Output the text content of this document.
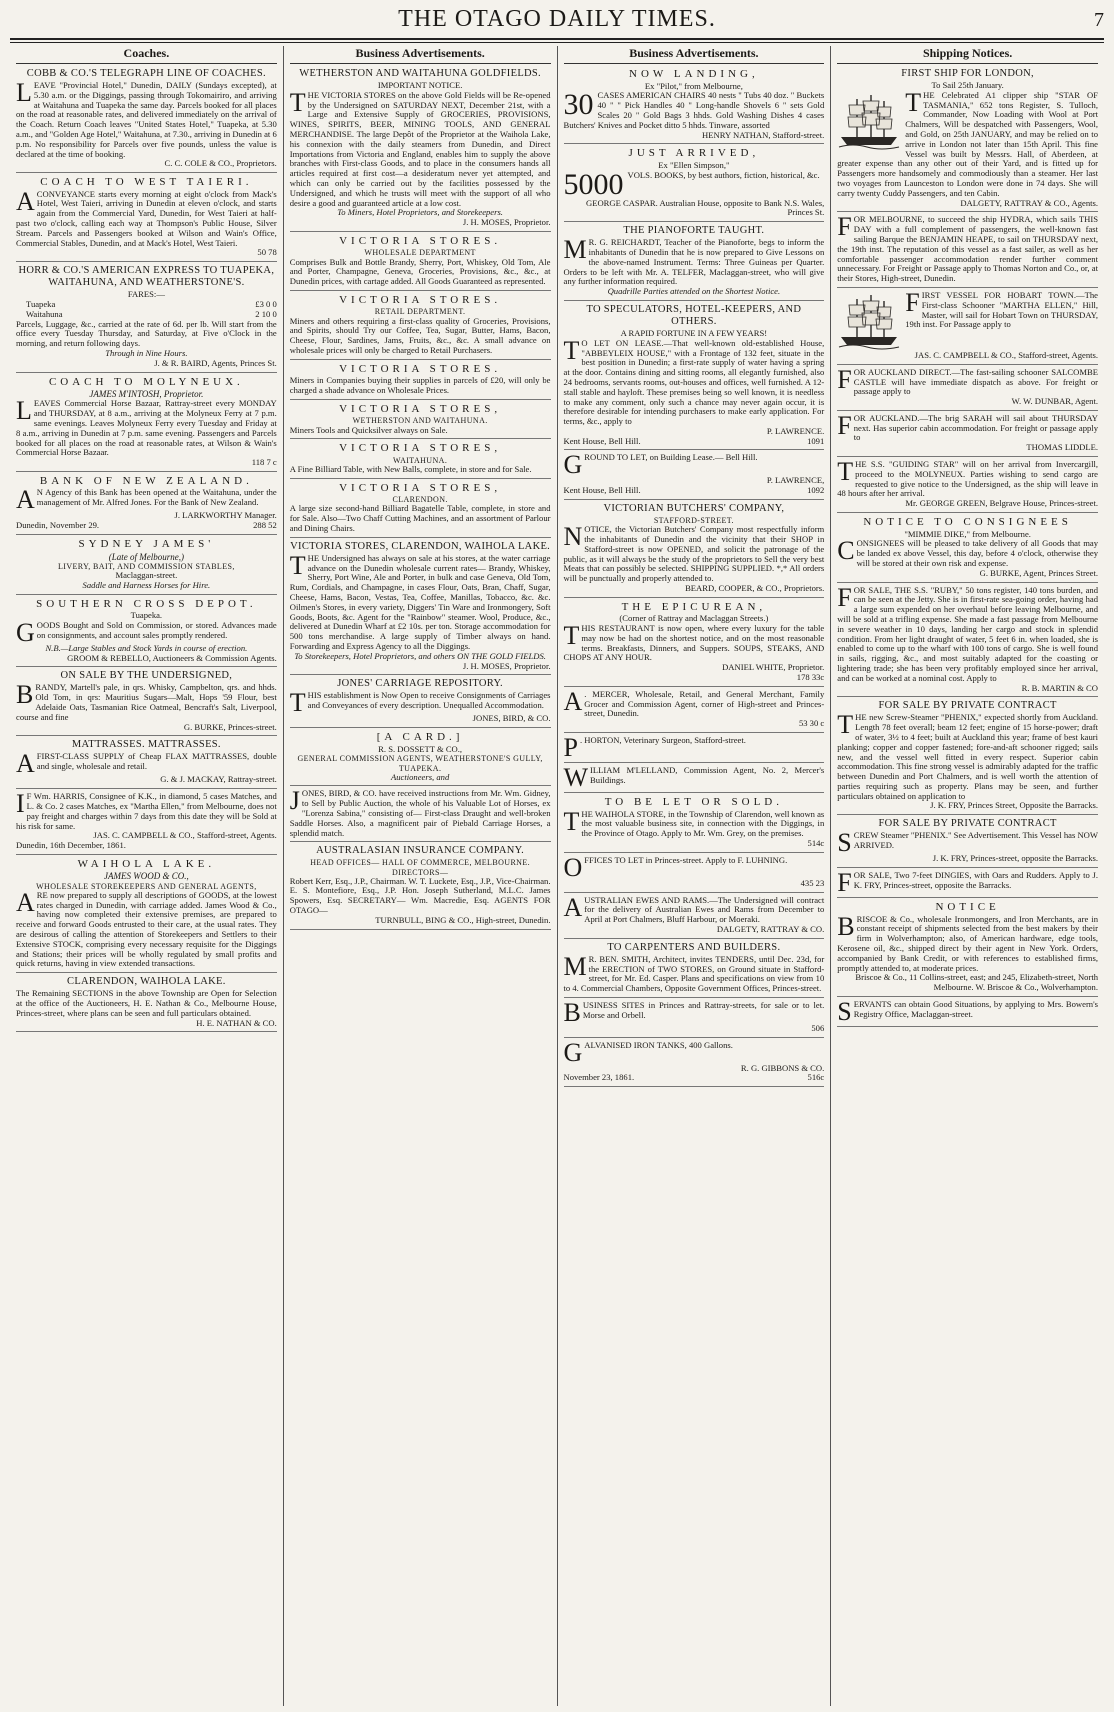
THE OTAGO DAILY TIMES.	7
Coaches.
COBB & CO.'S TELEGRAPH LINE OF COACHES.
L EAVE "Provincial Hotel," Dunedin, DAILY (Sundays excepted), at 5.30 a.m. or the Diggings, passing through Tokomairiro, and arriving at Waitahuna and Tuapeka the same day. Parcels booked for all places on the road at reasonable rates, and delivered immediately on the arrival of the Coach. Return Coach leaves "United States Hotel," Tuapeka, at 5.30 a.m., and "Golden Age Hotel," Waitahuna, at 7.30., arriving in Dunedin at 6 p.m. No responsibility for Parcels over five pounds, unless the value is declared at the time of booking.
C. C. COLE & CO., Proprietors.
COACH TO WEST TAIERI.
A CONVEYANCE starts every morning at eight o'clock from Mack's Hotel, West Taieri, arriving in Dunedin at eleven o'clock, and starts again from the Commercial Yard, Dunedin, for West Taieri at half-past two o'clock, calling each way at Thompson's Public House, Silver Stream. Parcels and Passengers booked at Wilson and Wain's Office, Commercial Stables, Dunedin, and at Mack's Hotel, West Taieri.
50 78
HORR & CO.'S AMERICAN EXPRESS TO TUAPEKA, WAITAHUNA, AND WEATHERSTONE'S.
FARES:—
Tuapeka	£3 0 0
Waitahuna	2 10 0
Parcels, Luggage, &c., carried at the rate of 6d. per lb. Will start from the office every Tuesday Thursday, and Saturday, at Five o'Clock in the morning, and return following days.
Through in Nine Hours.
J. & R. BAIRD, Agents, Princes St.
COACH TO MOLYNEUX.
JAMES M'INTOSH, Proprietor.
L EAVES Commercial Horse Bazaar, Rattray-street every MONDAY and THURSDAY, at 8 a.m., arriving at the Molyneux Ferry at 7 p.m. same evenings. Leaves Molyneux Ferry every Tuesday and Friday at 8 a.m., arriving in Dunedin at 7 p.m. same evening. Passengers and Parcels booked for all places on the road at reasonable rates, at Wilson & Wain's Commercial Horse Bazaar.
118 7 c
BANK OF NEW ZEALAND.
A N Agency of this Bank has been opened at the Waitahuna, under the management of Mr. Alfred Jones. For the Bank of New Zealand.
J. LARKWORTHY Manager.
Dunedin, November 29.	288 52
SYDNEY JAMES'
(Late of Melbourne,)
LIVERY, BAIT, AND COMMISSION STABLES,
Maclaggan-street.
Saddle and Harness Horses for Hire.
SOUTHERN CROSS DEPOT.
Tuapeka.
G OODS Bought and Sold on Commission, or stored. Advances made on consignments, and account sales promptly rendered.
N.B.—Large Stables and Stock Yards in course of erection.
GROOM & REBELLO, Auctioneers & Commission Agents.
ON SALE BY THE UNDERSIGNED,
B RANDY, Martell's pale, in qrs. Whisky, Campbelton, qrs. and hhds. Old Tom, in qrs: Mauritius Sugars—Malt, Hops '59 Flour, best Adelaide Oats, Tasmanian Rice Oatmeal, Bencraft's Salt, Liverpool, course and fine
G. BURKE, Princes-street.
MATTRASSES. MATTRASSES.
A FIRST-CLASS SUPPLY of Cheap FLAX MATTRASSES, double and single, wholesale and retail.
G. & J. MACKAY, Rattray-street.
I F Wm. HARRIS, Consignee of K.K., in diamond, 5 cases Matches, and L. & Co. 2 cases Matches, ex "Martha Ellen," from Melbourne, does not pay freight and charges within 7 days from this date they will be Sold at his risk for same.
JAS. C. CAMPBELL & CO., Stafford-street, Agents.
Dunedin, 16th December, 1861.
WAIHOLA LAKE.
JAMES WOOD & CO.,
WHOLESALE STOREKEEPERS AND GENERAL AGENTS,
A RE now prepared to supply all descriptions of GOODS, at the lowest rates charged in Dunedin, with carriage added. James Wood & Co., having now completed their extensive premises, are prepared to receive and forward Goods entrusted to their care, at the usual rates. They are desirous of calling the attention of Storekeepers and Settlers to their Extensive STOCK, comprising every necessary requisite for the Diggings and Stations; their prices will be wholly regulated by small profits and quick returns, having in view extended transactions.
CLARENDON, WAIHOLA LAKE.
The Remaining SECTIONS in the above Township are Open for Selection at the office of the Auctioneers, H. E. Nathan & Co., Melbourne House, Princes-street, where plans can be seen and full particulars obtained.
H. E. NATHAN & CO.
Business Advertisements.
WETHERSTON AND WAITAHUNA GOLDFIELDS.
IMPORTANT NOTICE.
T HE VICTORIA STORES on the above Gold Fields will be Re-opened by the Undersigned on SATURDAY NEXT, December 21st, with a Large and Extensive Supply of GROCERIES, PROVISIONS, WINES, SPIRITS, BEER, MINING TOOLS, AND GENERAL MERCHANDISE. The large Depôt of the Proprietor at the Waihola Lake, his connexion with the daily steamers from Dunedin, and Direct Importations from Victoria and England, enables him to supply the above branches with First-class Goods, and to place in the consumers hands all articles required at first cost—a desideratum never yet attempted, and which can only be carried out by the facilities possessed by the Undersigned, and which he trusts will meet with the support of all who desire a good and guaranteed article at a low cost.
To Miners, Hotel Proprietors, and Storekeepers.
J. H. MOSES, Proprietor.
VICTORIA STORES.
WHOLESALE DEPARTMENT
Comprises Bulk and Bottle Brandy, Sherry, Port, Whiskey, Old Tom, Ale and Porter, Champagne, Geneva, Groceries, Provisions, &c., &c., at Dunedin prices, with cartage added. All Goods Guaranteed as represented.
VICTORIA STORES.
RETAIL DEPARTMENT.
Miners and others requiring a first-class quality of Groceries, Provisions, and Spirits, should Try our Coffee, Tea, Sugar, Butter, Hams, Bacon, Cheese, Flour, Sardines, Jams, Fruits, &c., &c. A small advance on wholesale prices will only be charged to Retail Purchasers.
VICTORIA STORES.
Miners in Companies buying their supplies in parcels of £20, will only be charged a shade advance on Wholesale Prices.
VICTORIA STORES,
WETHERSTON AND WAITAHUNA.
Miners Tools and Quicksilver always on Sale.
VICTORIA STORES,
WAITAHUNA.
A Fine Billiard Table, with New Balls, complete, in store and for Sale.
VICTORIA STORES,
CLARENDON.
A large size second-hand Billiard Bagatelle Table, complete, in store and for Sale. Also—Two Chaff Cutting Machines, and an assortment of Parlour and Dining Chairs.
VICTORIA STORES, CLARENDON, WAIHOLA LAKE.
T HE Undersigned has always on sale at his stores, at the water carriage advance on the Dunedin wholesale current rates— Brandy, Whiskey, Sherry, Port Wine, Ale and Porter, in bulk and case Geneva, Old Tom, Rum, Cordials, and Champagne, in cases Flour, Oats, Bran, Chaff, Sugar, Cheese, Hams, Bacon, Vestas, Tea, Coffee, Manillas, Tobacco, &c. &c. Oilmen's Stores, in every variety, Diggers' Tin Ware and Ironmongery, Soft Goods, Boots, &c. Agent for the "Rainbow" steamer. Wool, Produce, &c., delivered at Dunedin Wharf at £2 10s. per ton. Storage accommodation for 500 tons merchandise. A large supply of Timber always on hand. Forwarding and Express Agency to all the Diggings.
To Storekeepers, Hotel Proprietors, and others ON THE GOLD FIELDS.
J. H. MOSES, Proprietor.
JONES' CARRIAGE REPOSITORY.
T HIS establishment is Now Open to receive Consignments of Carriages and Conveyances of every description. Unequalled Accommodation.
JONES, BIRD, & CO.
[A CARD.]
R. S. DOSSETT & CO.,
GENERAL COMMISSION AGENTS, WEATHERSTONE'S GULLY, TUAPEKA.
Auctioneers, and
JONES, BIRD, & CO. have received instructions from Mr. Wm. Gidney, to Sell by Public Auction, the whole of his Valuable Lot of Horses, ex "Lorenza Sabina," consisting of— First-class Draught and well-broken Saddle Horses. Also, a magnificent pair of Piebald Carriage Horses, a splendid match.
AUSTRALASIAN INSURANCE COMPANY.
HEAD OFFICES— HALL OF COMMERCE, MELBOURNE. DIRECTORS—
Robert Kerr, Esq., J.P., Chairman. W. T. Luckete, Esq., J.P., Vice-Chairman. E. S. Montefiore, Esq., J.P. Hon. Joseph Sutherland, M.L.C. James Spowers, Esq. SECRETARY— Wm. Macredie, Esq. AGENTS FOR OTAGO—
TURNBULL, BING & CO., High-street, Dunedin.
Business Advertisements.
NOW LANDING,
Ex "Pilot," from Melbourne,
30 CASES AMERICAN CHAIRS 40 nests " Tubs 40 doz. " Buckets 40 " " Pick Handles 40 " Long-handle Shovels 6 " sets Gold Scales 20 " Gold Bags 3 hhds. Gold Washing Dishes 4 cases Butchers' Knives and Pocket ditto 5 hhds. Tinware, assorted
HENRY NATHAN, Stafford-street.
JUST ARRIVED,
Ex "Ellen Simpson,"
5000 VOLS. BOOKS, by best authors, fiction, historical, &c.
GEORGE CASPAR. Australian House, opposite to Bank N.S. Wales, Princes St.
THE PIANOFORTE TAUGHT.
M R. G. REICHARDT, Teacher of the Pianoforte, begs to inform the inhabitants of Dunedin that he is now prepared to Give Lessons on the above-named Instrument. Terms: Three Guineas per Quarter. Orders to be left with Mr. A. TELFER, Maclaggan-street, who will give any further information required.
Quadrille Parties attended on the Shortest Notice.
TO SPECULATORS, HOTEL-KEEPERS, AND OTHERS.
A RAPID FORTUNE IN A FEW YEARS!
T O LET ON LEASE.—That well-known old-established House, "ABBEYLEIX HOUSE," with a Frontage of 132 feet, situate in the best position in Dunedin; a first-rate supply of water having a spring at the door. Contains dining and sitting rooms, all elegantly furnished, also 24 bedrooms, servants rooms, out-houses and offices, well furnished. A 12-stall stable and hayloft. These premises being so well known, it is needless to make any comment, only such a chance may never again occur, it is therefore desirable for intending purchasers to make early application. For terms, &c., apply to
P. LAWRENCE.
Kent House, Bell Hill.	1091
GROUND TO LET, on Building Lease.— Bell Hill.
P. LAWRENCE,
Kent House, Bell Hill.	1092
VICTORIAN BUTCHERS' COMPANY,
STAFFORD-STREET.
N OTICE, the Victorian Butchers' Company most respectfully inform the inhabitants of Dunedin and the vicinity that their SHOP in Stafford-street is now OPENED, and solicit the patronage of the public, as it will always be the study of the proprietors to Sell the very best Meats that can possibly be selected. SHIPPING SUPPLIED. *,* All orders will be punctually and properly attended to.
BEARD, COOPER, & CO., Proprietors.
THE EPICUREAN,
(Corner of Rattray and Maclaggan Streets.)
T HIS RESTAURANT is now open, where every luxury for the table may now be had on the shortest notice, and on the most reasonable terms. Breakfasts, Dinners, and Suppers. SOUPS, STEAKS, AND CHOPS AT ANY HOUR.
DANIEL WHITE, Proprietor.
178 33c
A . MERCER, Wholesale, Retail, and General Merchant, Family Grocer and Commission Agent, corner of High-street and Princes-street, Dunedin.
53 30 c
P . HORTON, Veterinary Surgeon, Stafford-street.
WILLIAM M'LELLAND, Commission Agent, No. 2, Mercer's Buildings.
TO BE LET OR SOLD.
T HE WAIHOLA STORE, in the Township of Clarendon, well known as the most valuable business site, in connection with the Diggings, in the Province of Otago. Apply to Mr. Wm. Grey, on the premises.
514c
OFFICES TO LET in Princes-street. Apply to F. LUHNING.
435 23
AUSTRALIAN EWES AND RAMS.—The Undersigned will contract for the delivery of Australian Ewes and Rams from December to April at Port Chalmers, Bluff Harbour, or Moeraki.
DALGETY, RATTRAY & CO.
TO CARPENTERS AND BUILDERS.
M R. BEN. SMITH, Architect, invites TENDERS, until Dec. 23d, for the ERECTION of TWO STORES, on Ground situate in Stafford-street, for Mr. Ed. Casper. Plans and specifications on view from 10 to 4. Commercial Chambers, Opposite Government Offices, Princes-street.
BUSINESS SITES in Princes and Rattray-streets, for sale or to let. Morse and Orbell.
506
GALVANISED IRON TANKS, 400 Gallons.
R. G. GIBBONS & CO.
November 23, 1861.	516c
Shipping Notices.
FIRST SHIP FOR LONDON,
To Sail 25th January.
T HE Celebrated A1 clipper ship "STAR OF TASMANIA," 652 tons Register, S. Tulloch, Commander, Now Loading with Wool at Port Chalmers, Will be despatched with Passengers, Wool, and Gold, on 25th JANUARY, and may be relied on to arrive in London not later than 15th April. This fine Vessel was built by Messrs. Hall, of Aberdeen, at greater expense than any other out of their Yard, and is fitted up for Passengers more handsomely and commodiously than a steamer. Her last two voyages from Launceston to London were done in 74 days. She will carry twenty Cuddy Passengers, and ten Cabin.
DALGETY, RATTRAY & CO., Agents.
FOR MELBOURNE, to succeed the ship HYDRA, which sails THIS DAY with a full complement of passengers, the well-known fast sailing Barque the BENJAMIN HEAPE, to sail on THURSDAY next, the 19th inst. The reputation of this vessel as a fast sailer, as well as her comfortable passenger accommodation render further comment unnecessary. For Freight or Passage apply to Thomas Norton and Co., or, at their Stores, High-street, Dunedin.
FIRST VESSEL FOR HOBART TOWN.—The First-class Schooner "MARTHA ELLEN," Hill, Master, will sail for Hobart Town on THURSDAY, 19th inst. For Passage apply to
JAS. C. CAMPBELL & CO., Stafford-street, Agents.
FOR AUCKLAND DIRECT.—The fast-sailing schooner SALCOMBE CASTLE will have immediate dispatch as above. For freight or passage apply to
W. W. DUNBAR, Agent.
FOR AUCKLAND.—The brig SARAH will sail about THURSDAY next. Has superior cabin accommodation. For freight or passage apply to
THOMAS LIDDLE.
THE S.S. "GUIDING STAR" will on her arrival from Invercargill, proceed to the MOLYNEUX. Parties wishing to send cargo are requested to give notice to the Undersigned, as the ship will leave in 48 hours after her arrival.
Mr. GEORGE GREEN, Belgrave House, Princes-street.
NOTICE TO CONSIGNEES
"MIMMIE DIKE," from Melbourne.
C ONSIGNEES will be pleased to take delivery of all Goods that may be landed ex above Vessel, this day, before 4 o'clock, otherwise they will be stored at their own risk and expense.
G. BURKE, Agent, Princes Street.
FOR SALE, THE S.S. "RUBY," 50 tons register, 140 tons burden, and can be seen at the Jetty. She is in first-rate sea-going order, having had a large sum expended on her overhaul before leaving Melbourne, and will be sold at a trifling expense. She made a fast passage from Melbourne in severe weather in 10 days, landing her cargo and stock in splendid condition. From her light draught of water, 5 feet 6 in. when loaded, she is enabled to come up to the wharf with 100 tons of cargo. She is well found in sails, rigging, &c., and most suitably adapted for the coasting or lightering trade; she has been very profitably employed since her arrival, and can be worked at a nominal cost. Apply to
R. B. MARTIN & CO
FOR SALE BY PRIVATE CONTRACT
T HE new Screw-Steamer "PHENIX," expected shortly from Auckland. Length 78 feet overall; beam 12 feet; engine of 15 horse-power; draft of water, 3½ to 4 feet; built at Auckland this year; frame of best kauri planking; copper and copper fastened; fore-and-aft schooner rigged; sails new, and the vessel well fitted in every respect. Superior cabin accommodation. This fine strong vessel is admirably adapted for the traffic between Dunedin and Port Chalmers, and is well worth the attention of parties requiring such as property. Plans may be seen, and further particulars obtained on application to
J. K. FRY, Princes Street, Opposite the Barracks.
FOR SALE BY PRIVATE CONTRACT
S CREW Steamer "PHENIX." See Advertisement. This Vessel has NOW ARRIVED.
J. K. FRY, Princes-street, opposite the Barracks.
FOR SALE, Two 7-feet DINGIES, with Oars and Rudders. Apply to J. K. FRY, Princes-street, opposite the Barracks.
NOTICE
B RISCOE & Co., wholesale Ironmongers, and Iron Merchants, are in constant receipt of shipments selected from the best makers by their firm in Wolverhampton; also, of American hardware, edge tools, Kerosene oil, &c., shipped direct by their agent in New York. Orders, accompanied by Bank Credit, or with references to established firms, promptly attended to, at moderate prices.
Briscoe & Co., 11 Collins-street, east; and 245, Elizabeth-street, North Melbourne. W. Briscoe & Co., Wolverhampton.
SERVANTS can obtain Good Situations, by applying to Mrs. Bowern's Registry Office, Maclaggan-street.
